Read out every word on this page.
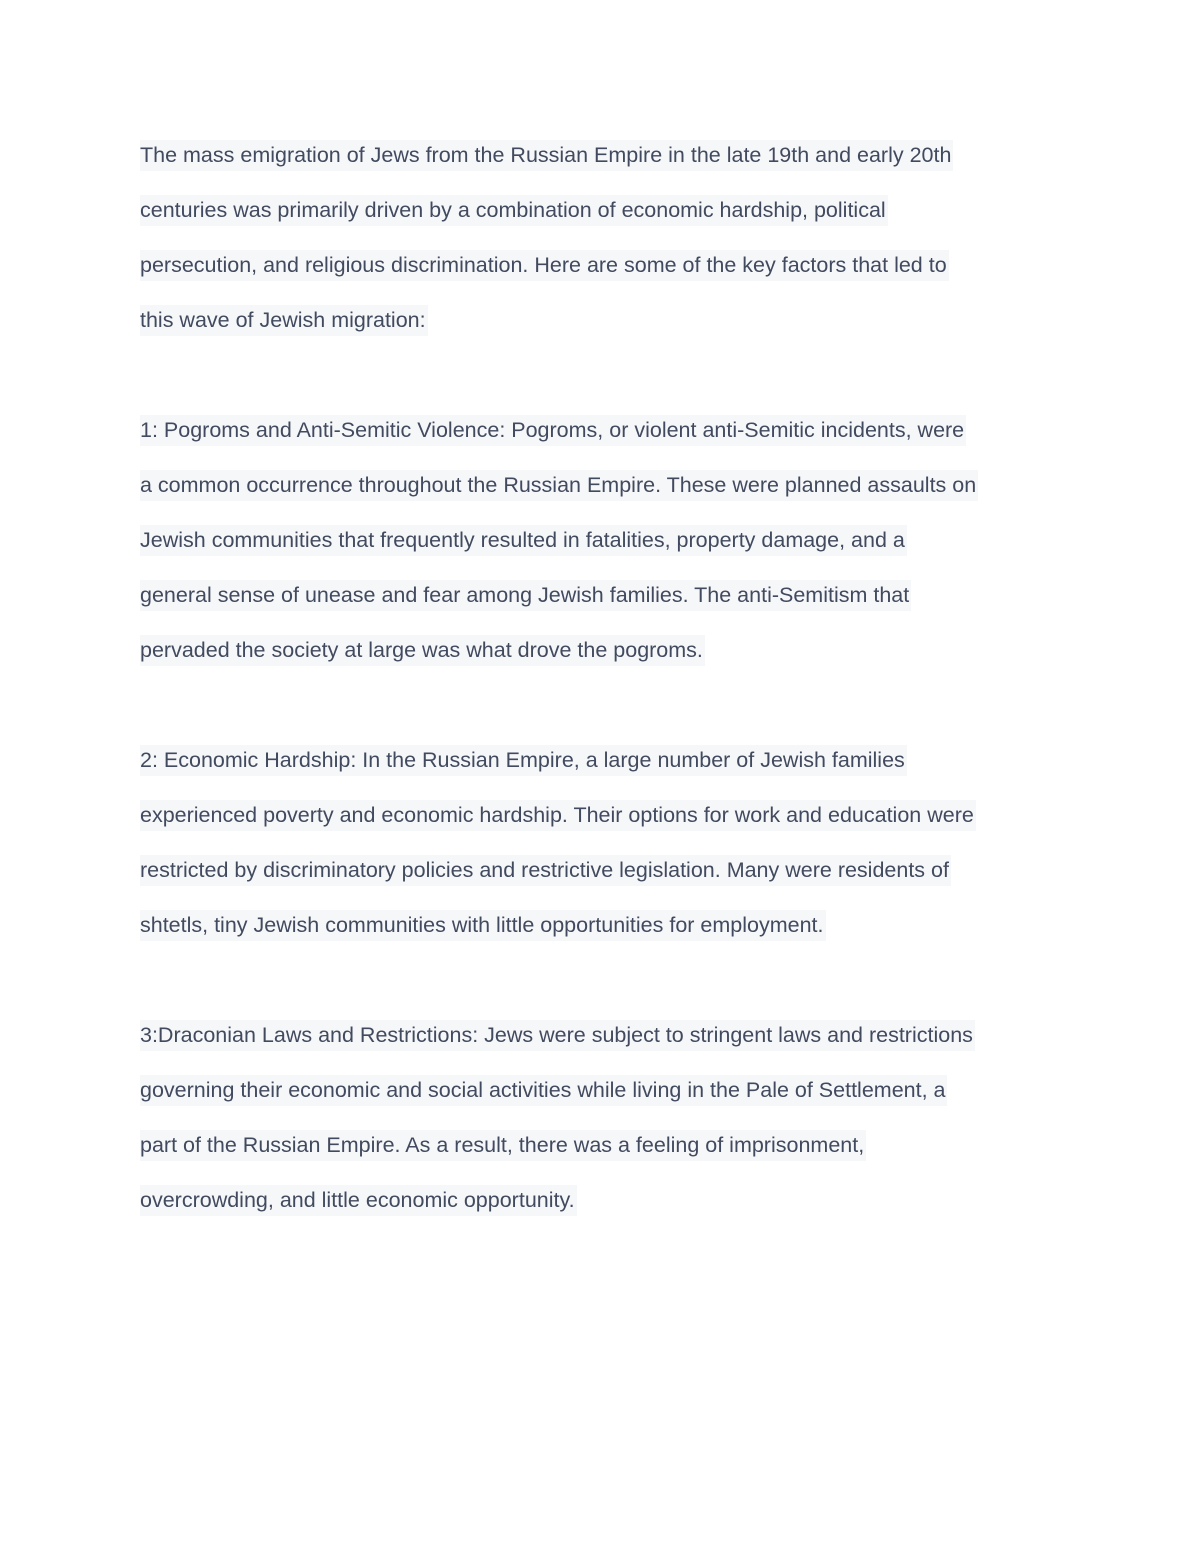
The mass emigration of Jews from the Russian Empire in the late 19th and early 20th
centuries was primarily driven by a combination of economic hardship, political
persecution, and religious discrimination. Here are some of the key factors that led to
this wave of Jewish migration:
1: Pogroms and Anti-Semitic Violence: Pogroms, or violent anti-Semitic incidents, were
a common occurrence throughout the Russian Empire. These were planned assaults on
Jewish communities that frequently resulted in fatalities, property damage, and a
general sense of unease and fear among Jewish families. The anti-Semitism that
pervaded the society at large was what drove the pogroms.
2: Economic Hardship: In the Russian Empire, a large number of Jewish families
experienced poverty and economic hardship. Their options for work and education were
restricted by discriminatory policies and restrictive legislation. Many were residents of
shtetls, tiny Jewish communities with little opportunities for employment.
3:Draconian Laws and Restrictions: Jews were subject to stringent laws and restrictions
governing their economic and social activities while living in the Pale of Settlement, a
part of the Russian Empire. As a result, there was a feeling of imprisonment,
overcrowding, and little economic opportunity.
